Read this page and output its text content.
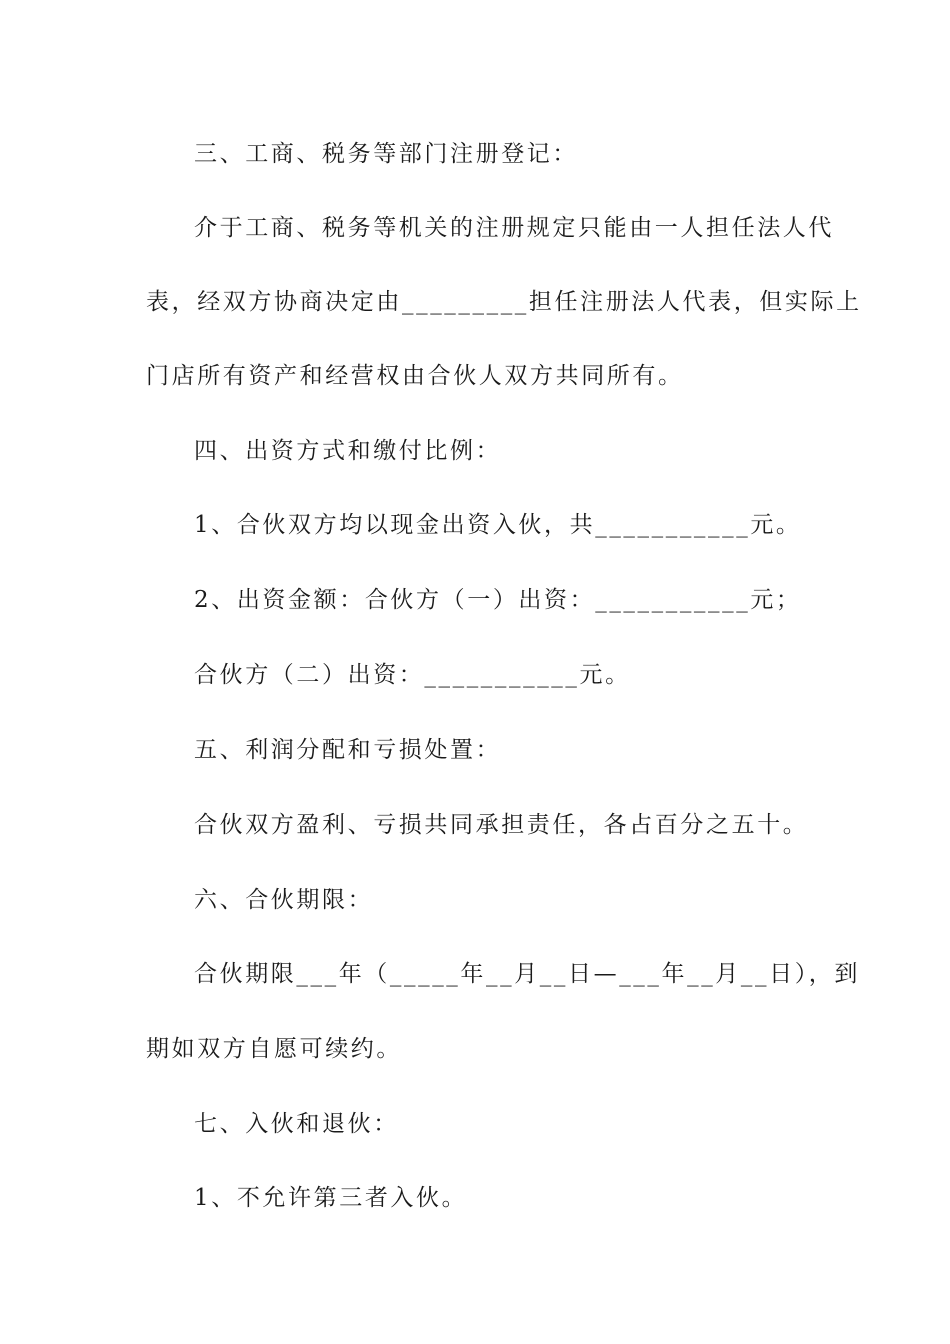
三、工商、税务等部门注册登记：
介于工商、税务等机关的注册规定只能由一人担任法人代
表，经双方协商决定由_________担任注册法人代表，但实际上
门店所有资产和经营权由合伙人双方共同所有。
四、出资方式和缴付比例：
1、合伙双方均以现金出资入伙，共___________元。
2、出资金额：合伙方（一）出资：___________元；
合伙方（二）出资：___________元。
五、利润分配和亏损处置：
合伙双方盈利、亏损共同承担责任，各占百分之五十。
六、合伙期限：
合伙期限___年（_____年__月__日—___年__月__日），到
期如双方自愿可续约。
七、入伙和退伙：
1、不允许第三者入伙。
